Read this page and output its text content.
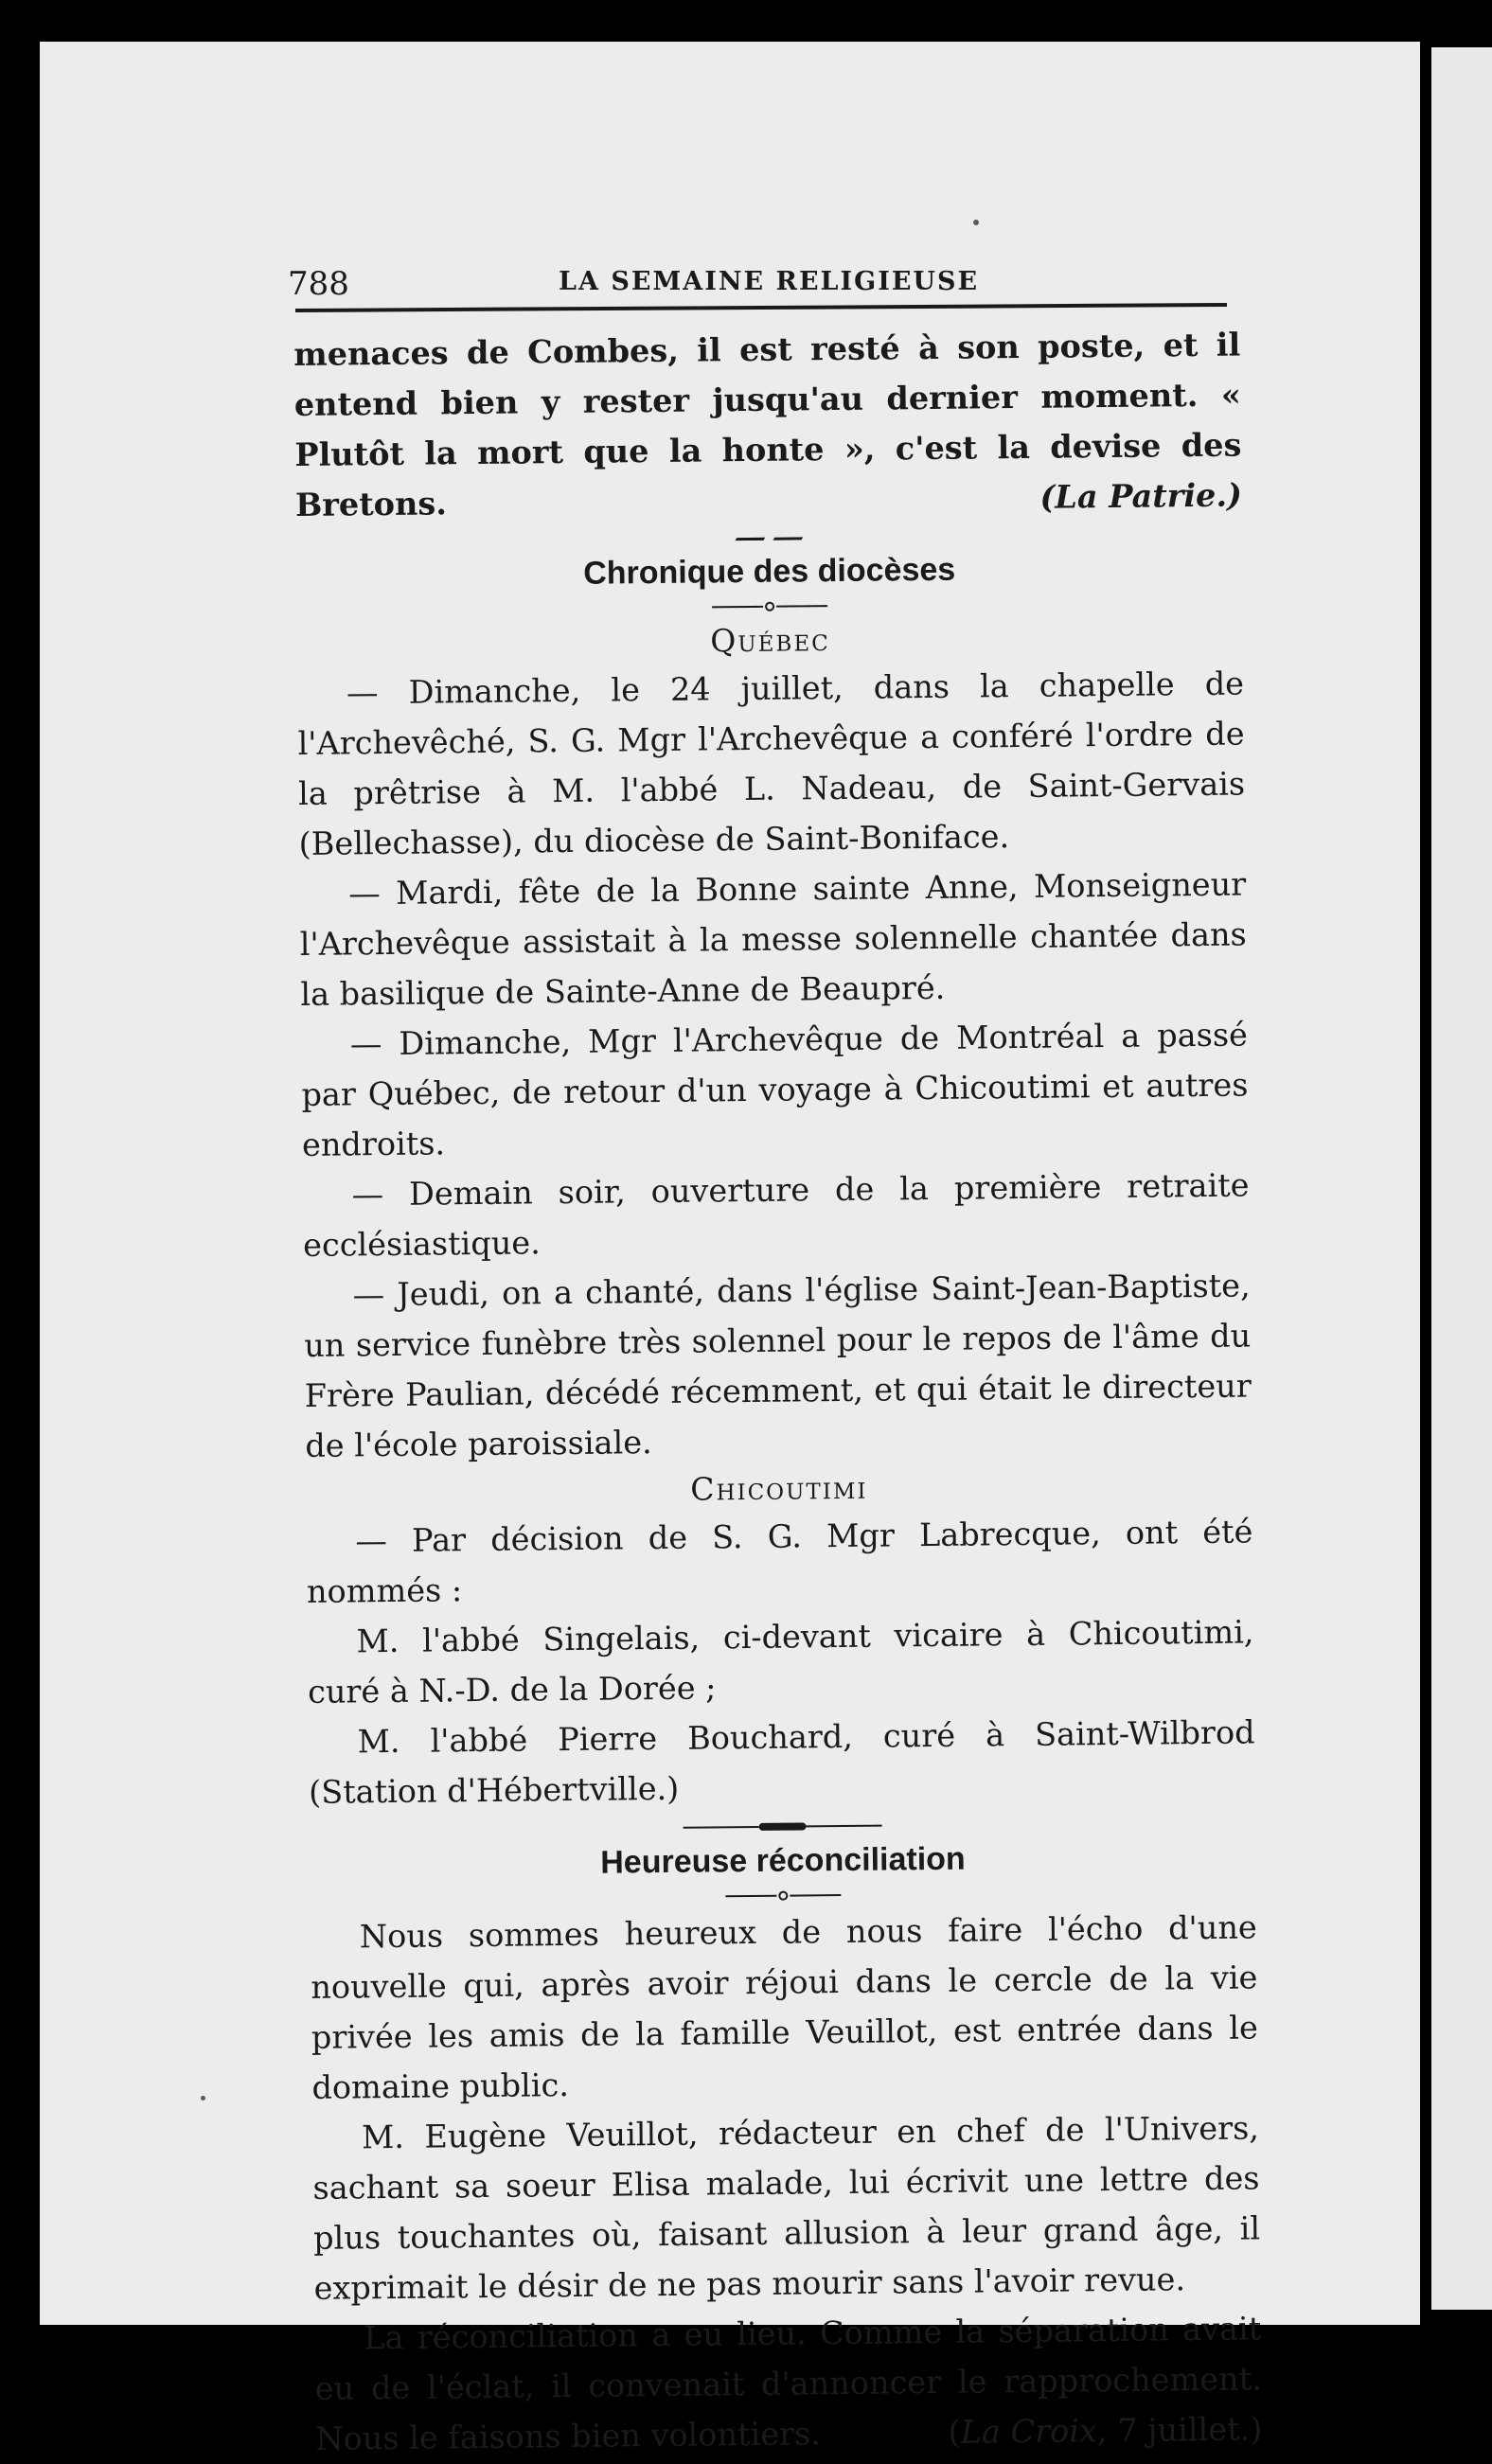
788	LA SEMAINE RELIGIEUSE

menaces de Combes, il est resté à son poste, et il entend bien y rester jusqu'au dernier moment. « Plutôt la mort que la honte », c'est la devise des Bretons.	(La Patrie.)

Chronique des diocèses
Québec

— Dimanche, le 24 juillet, dans la chapelle de l'Archevêché, S. G. Mgr l'Archevêque a conféré l'ordre de la prêtrise à M. l'abbé L. Nadeau, de Saint-Gervais (Bellechasse), du diocèse de Saint-Boniface.

— Mardi, fête de la Bonne sainte Anne, Monseigneur l'Archevêque assistait à la messe solennelle chantée dans la basilique de Sainte-Anne de Beaupré.

— Dimanche, Mgr l'Archevêque de Montréal a passé par Québec, de retour d'un voyage à Chicoutimi et autres endroits.

— Demain soir, ouverture de la première retraite ecclésiastique.

— Jeudi, on a chanté, dans l'église Saint-Jean-Baptiste, un service funèbre très solennel pour le repos de l'âme du Frère Paulian, décédé récemment, et qui était le directeur de l'école paroissiale.

Chicoutimi

— Par décision de S. G. Mgr Labrecque, ont été nommés :

M. l'abbé Singelais, ci-devant vicaire à Chicoutimi, curé à N.-D. de la Dorée ;

M. l'abbé Pierre Bouchard, curé à Saint-Wilbrod (Station d'Hébertville.)

Heureuse réconciliation

Nous sommes heureux de nous faire l'écho d'une nouvelle qui, après avoir réjoui dans le cercle de la vie privée les amis de la famille Veuillot, est entrée dans le domaine public.

M. Eugène Veuillot, rédacteur en chef de l'Univers, sachant sa soeur Elisa malade, lui écrivit une lettre des plus touchantes où, faisant allusion à leur grand âge, il exprimait le désir de ne pas mourir sans l'avoir revue.

La réconciliation a eu lieu. Comme la séparation avait eu de l'éclat, il convenait d'annoncer le rapprochement. Nous le faisons bien volontiers.	(La Croix, 7 juillet.)
